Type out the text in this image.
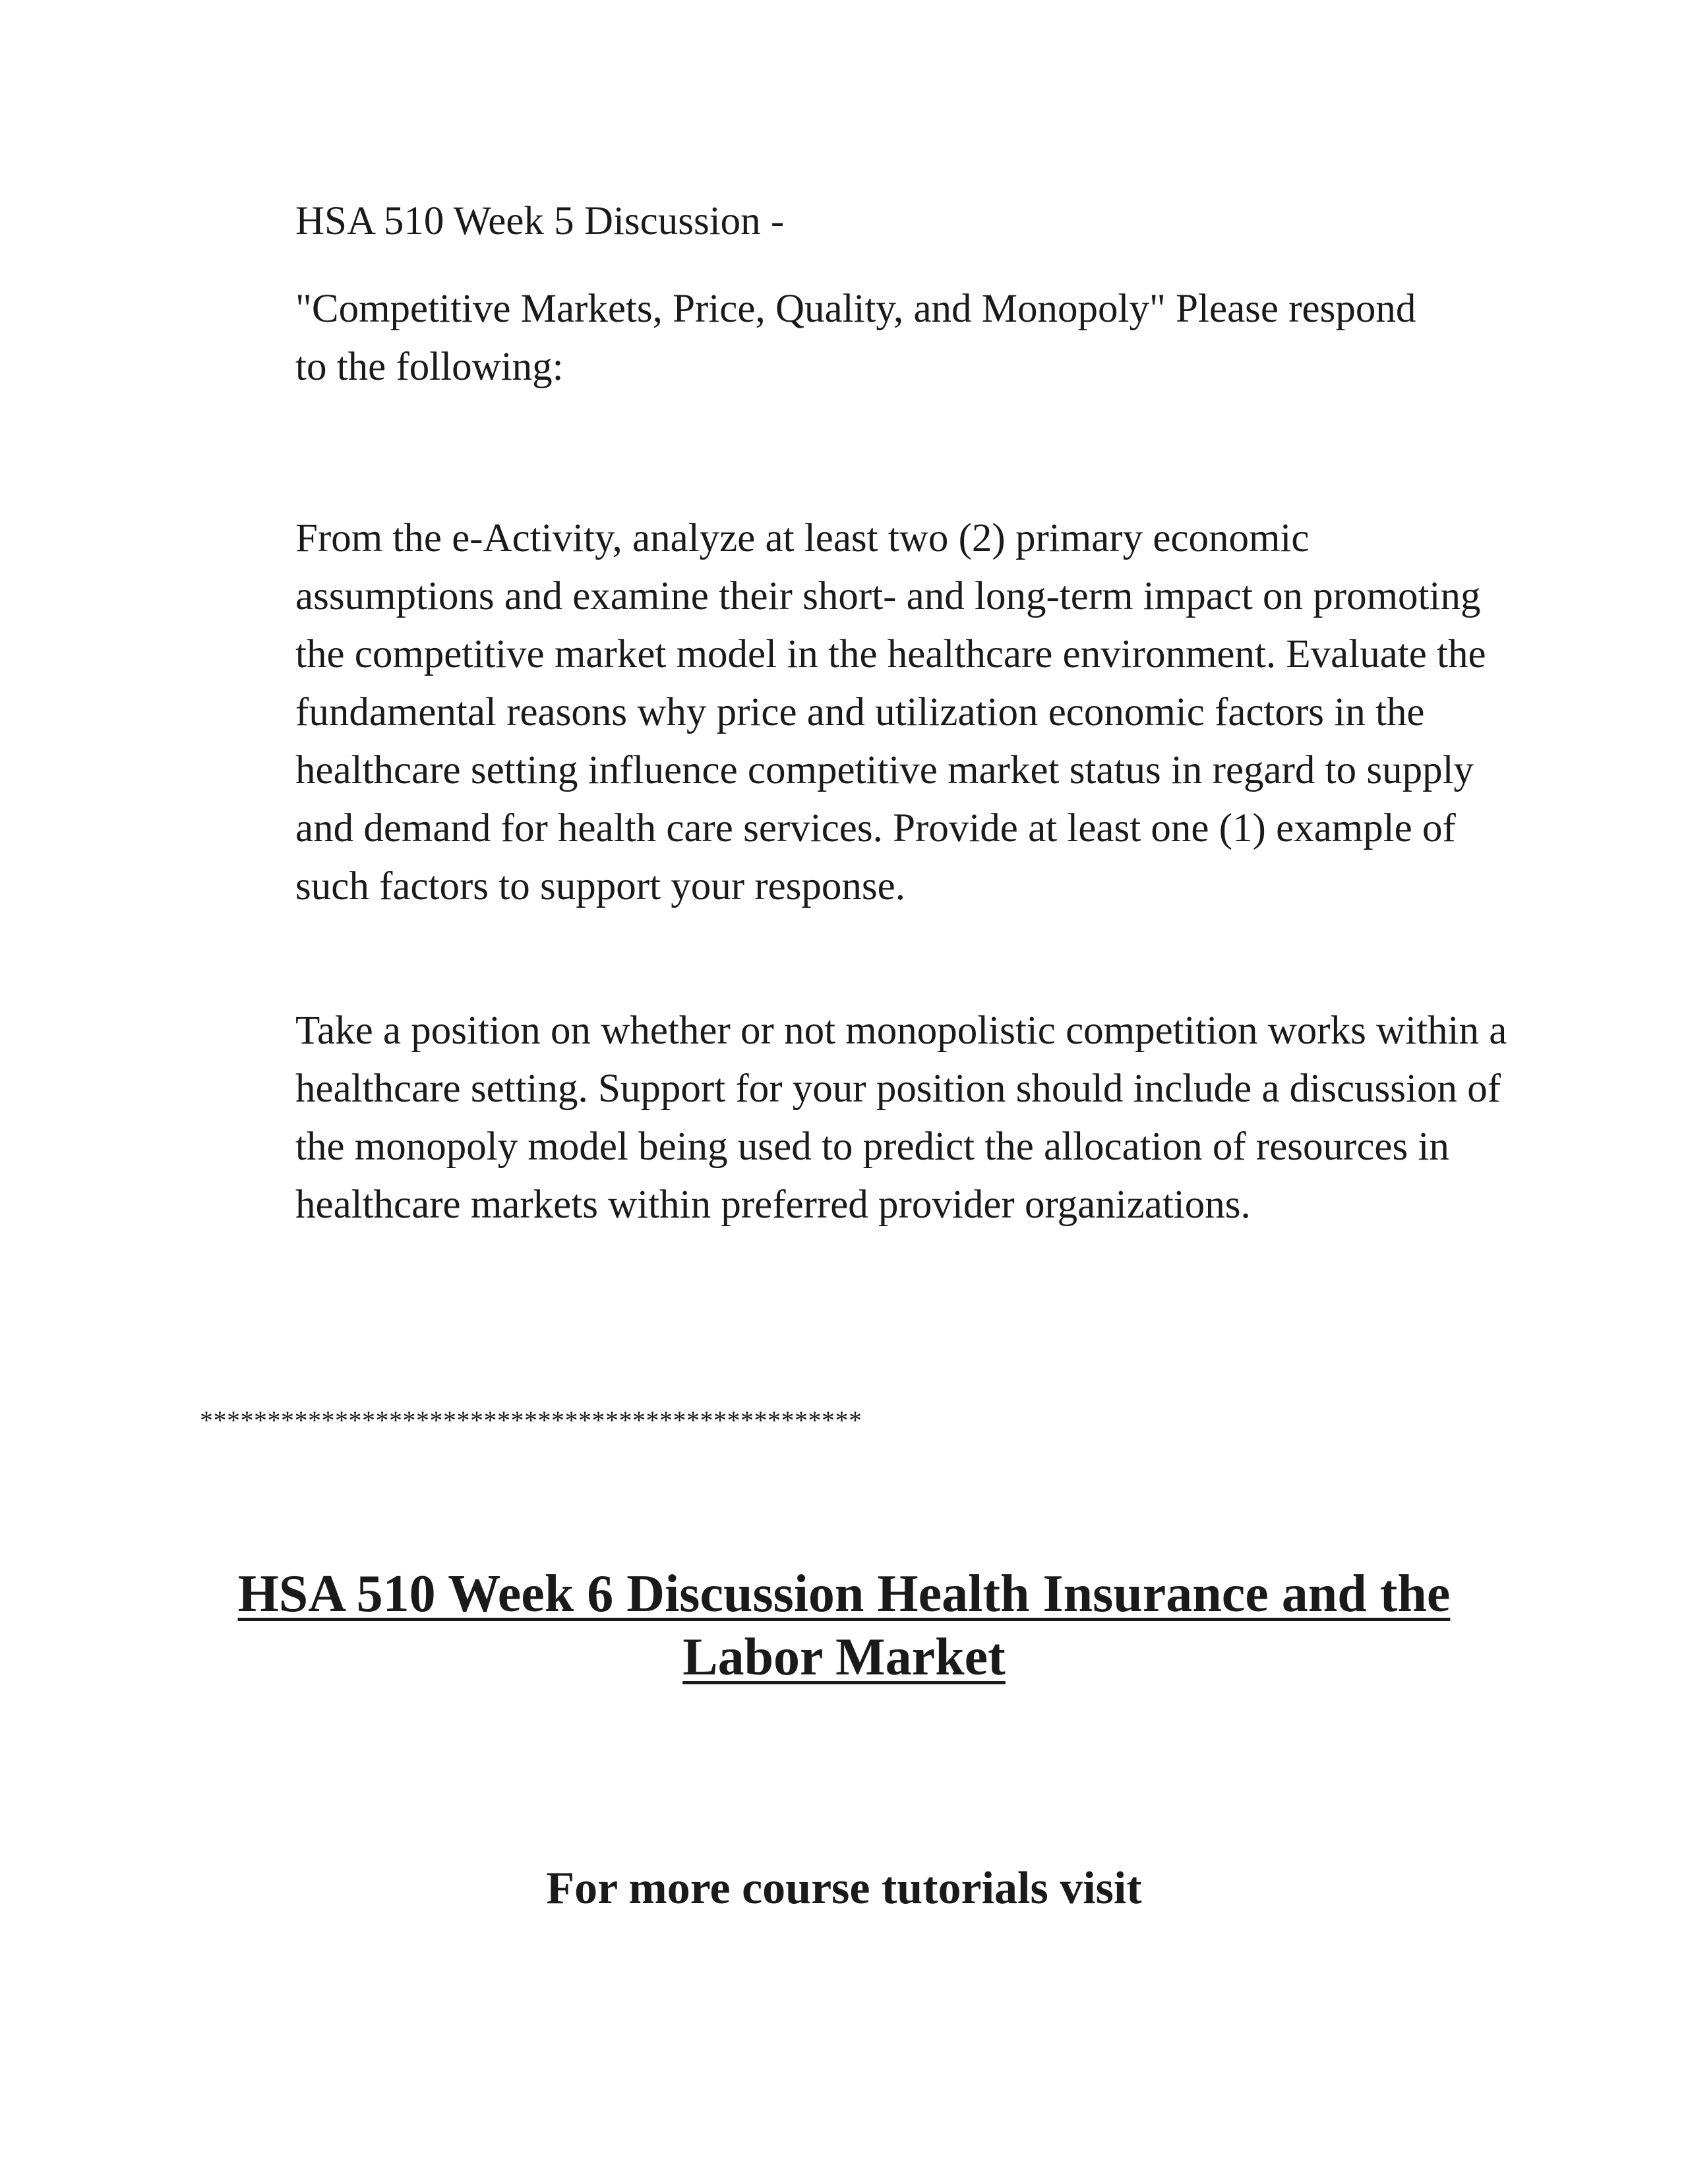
HSA 510 Week 5 Discussion -

"Competitive Markets, Price, Quality, and Monopoly" Please respond to the following:

From the e-Activity, analyze at least two (2) primary economic assumptions and examine their short- and long-term impact on promoting the competitive market model in the healthcare environment. Evaluate the fundamental reasons why price and utilization economic factors in the healthcare setting influence competitive market status in regard to supply and demand for health care services. Provide at least one (1) example of such factors to support your response.

Take a position on whether or not monopolistic competition works within a healthcare setting. Support for your position should include a discussion of the monopoly model being used to predict the allocation of resources in healthcare markets within preferred provider organizations.

*************************************************

HSA 510 Week 6 Discussion Health Insurance and the Labor Market
For more course tutorials visit
